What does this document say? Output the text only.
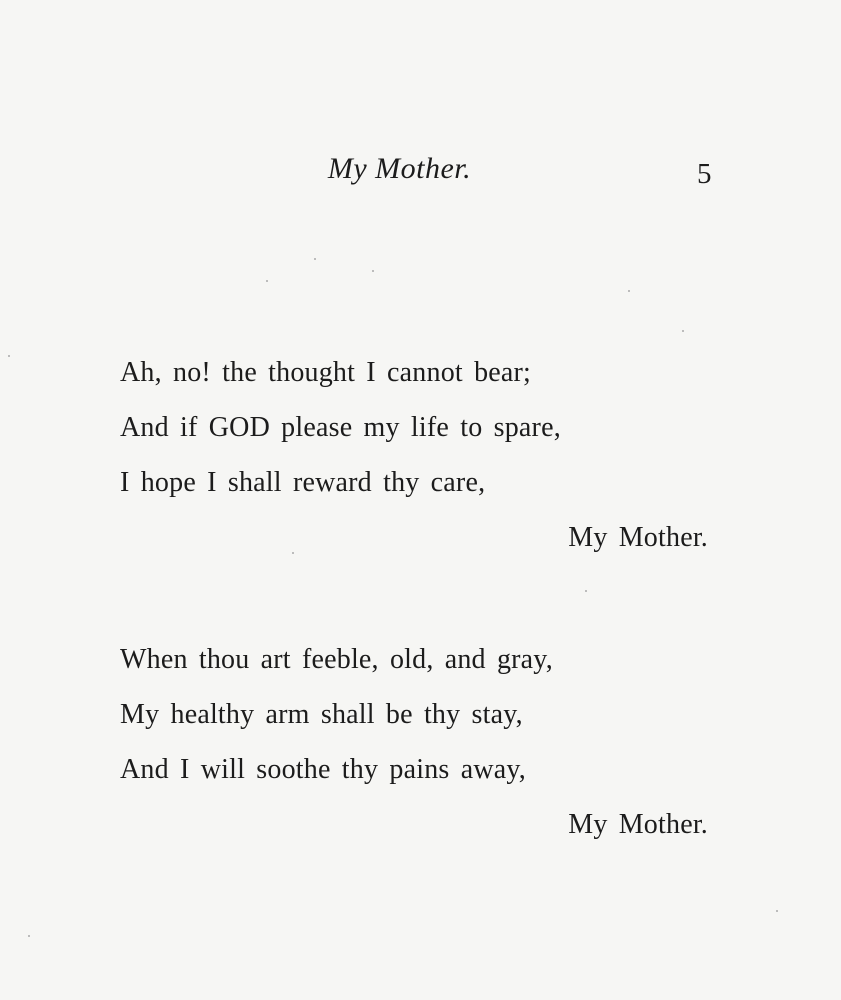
My Mother.	5
Ah, no! the thought I cannot bear;
And if GOD please my life to spare,
I hope I shall reward thy care,
My Mother.
When thou art feeble, old, and gray,
My healthy arm shall be thy stay,
And I will soothe thy pains away,
My Mother.
